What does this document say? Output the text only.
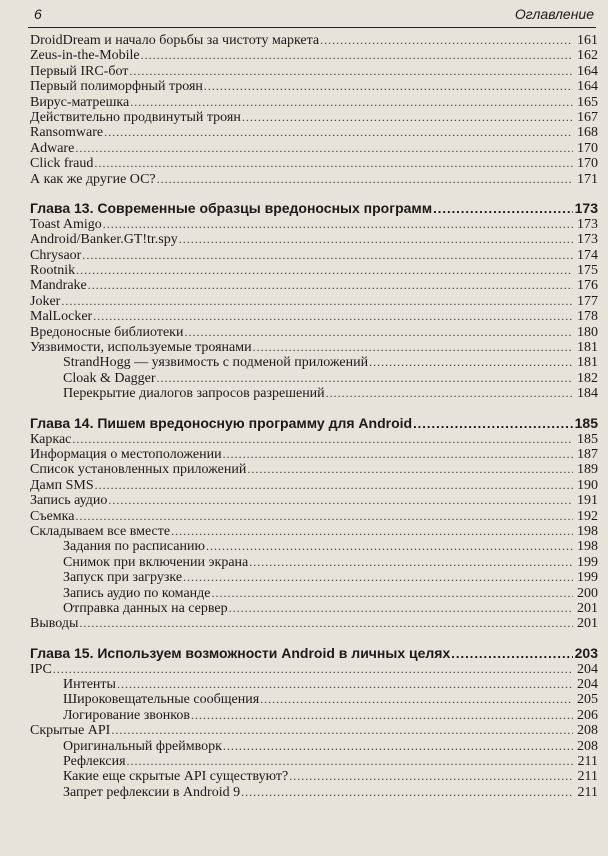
6	Оглавление
DroidDream и начало борьбы за чистоту маркета .....	161
Zeus-in-the-Mobile .....	162
Первый IRC-бот .....	164
Первый полиморфный троян .....	164
Вирус-матрешка .....	165
Действительно продвинутый троян .....	167
Ransomware .....	168
Adware .....	170
Click fraud .....	170
А как же другие ОС? .....	171
Глава 13. Современные образцы вредоносных программ .....	173
Toast Amigo .....	173
Android/Banker.GT!tr.spy .....	173
Chrysaor .....	174
Rootnik .....	175
Mandrake .....	176
Joker .....	177
MalLocker .....	178
Вредоносные библиотеки .....	180
Уязвимости, используемые троянами .....	181
StrandHogg — уязвимость с подменой приложений .....	181
Cloak & Dagger .....	182
Перекрытие диалогов запросов разрешений .....	184
Глава 14. Пишем вредоносную программу для Android .....	185
Каркас .....	185
Информация о местоположении .....	187
Список установленных приложений .....	189
Дамп SMS .....	190
Запись аудио .....	191
Съемка .....	192
Складываем все вместе .....	198
Задания по расписанию .....	198
Снимок при включении экрана .....	199
Запуск при загрузке .....	199
Запись аудио по команде .....	200
Отправка данных на сервер .....	201
Выводы .....	201
Глава 15. Используем возможности Android в личных целях .....	203
IPC .....	204
Интенты .....	204
Широковещательные сообщения .....	205
Логирование звонков .....	206
Скрытые API .....	208
Оригинальный фреймворк .....	208
Рефлексия .....	211
Какие еще скрытые API существуют? .....	211
Запрет рефлексии в Android 9 .....	211
